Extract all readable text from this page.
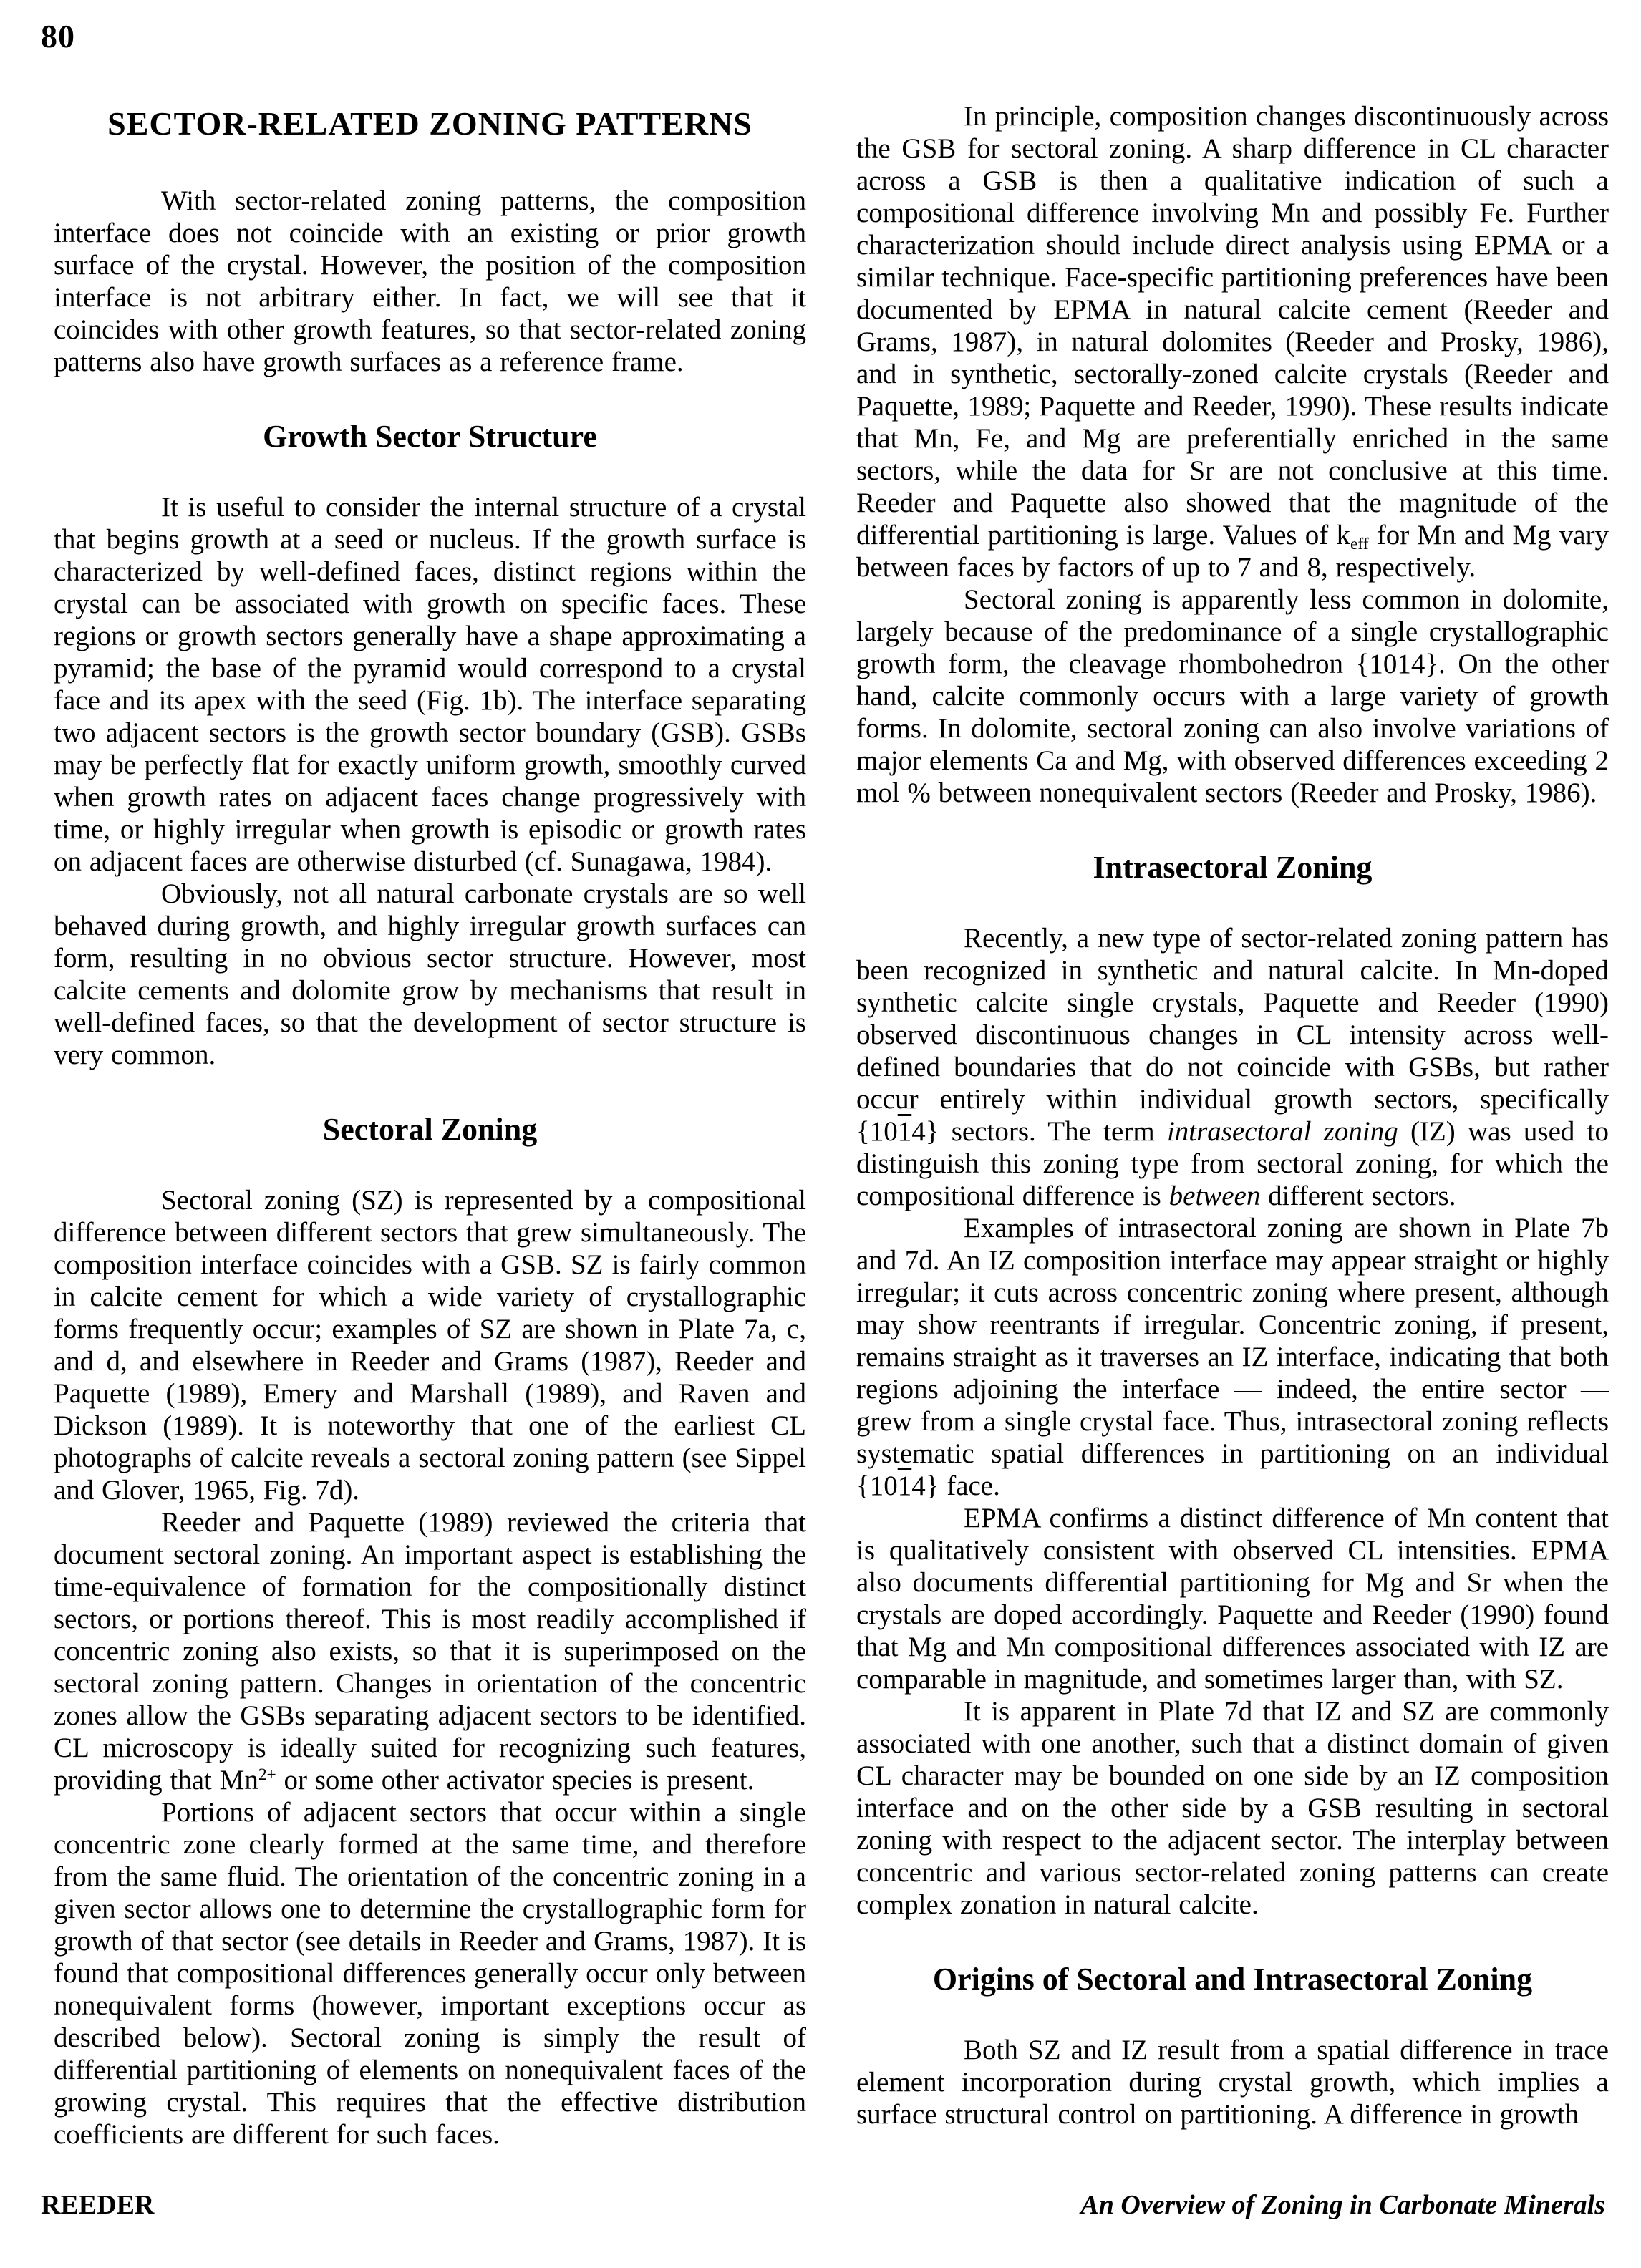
80
SECTOR-RELATED ZONING PATTERNS
With sector-related zoning patterns, the composition interface does not coincide with an existing or prior growth surface of the crystal. However, the position of the composition interface is not arbitrary either. In fact, we will see that it coincides with other growth features, so that sector-related zoning patterns also have growth surfaces as a reference frame.
Growth Sector Structure
It is useful to consider the internal structure of a crystal that begins growth at a seed or nucleus. If the growth surface is characterized by well-defined faces, distinct regions within the crystal can be associated with growth on specific faces. These regions or growth sectors generally have a shape approximating a pyramid; the base of the pyramid would correspond to a crystal face and its apex with the seed (Fig. 1b). The interface separating two adjacent sectors is the growth sector boundary (GSB). GSBs may be perfectly flat for exactly uniform growth, smoothly curved when growth rates on adjacent faces change progressively with time, or highly irregular when growth is episodic or growth rates on adjacent faces are otherwise disturbed (cf. Sunagawa, 1984).
Obviously, not all natural carbonate crystals are so well behaved during growth, and highly irregular growth surfaces can form, resulting in no obvious sector structure. However, most calcite cements and dolomite grow by mechanisms that result in well-defined faces, so that the development of sector structure is very common.
Sectoral Zoning
Sectoral zoning (SZ) is represented by a compositional difference between different sectors that grew simultaneously. The composition interface coincides with a GSB. SZ is fairly common in calcite cement for which a wide variety of crystallographic forms frequently occur; examples of SZ are shown in Plate 7a, c, and d, and elsewhere in Reeder and Grams (1987), Reeder and Paquette (1989), Emery and Marshall (1989), and Raven and Dickson (1989). It is noteworthy that one of the earliest CL photographs of calcite reveals a sectoral zoning pattern (see Sippel and Glover, 1965, Fig. 7d).
Reeder and Paquette (1989) reviewed the criteria that document sectoral zoning. An important aspect is establishing the time-equivalence of formation for the compositionally distinct sectors, or portions thereof. This is most readily accomplished if concentric zoning also exists, so that it is superimposed on the sectoral zoning pattern. Changes in orientation of the concentric zones allow the GSBs separating adjacent sectors to be identified. CL microscopy is ideally suited for recognizing such features, providing that $Mn^{2+}$ or some other activator species is present.
Portions of adjacent sectors that occur within a single concentric zone clearly formed at the same time, and therefore from the same fluid. The orientation of the concentric zoning in a given sector allows one to determine the crystallographic form for growth of that sector (see details in Reeder and Grams, 1987). It is found that compositional differences generally occur only between nonequivalent forms (however, important exceptions occur as described below). Sectoral zoning is simply the result of differential partitioning of elements on nonequivalent faces of the growing crystal. This requires that the effective distribution coefficients are different for such faces.
In principle, composition changes discontinuously across the GSB for sectoral zoning. A sharp difference in CL character across a GSB is then a qualitative indication of such a compositional difference involving Mn and possibly Fe. Further characterization should include direct analysis using EPMA or a similar technique. Face-specific partitioning preferences have been documented by EPMA in natural calcite cement (Reeder and Grams, 1987), in natural dolomites (Reeder and Prosky, 1986), and in synthetic, sectorally-zoned calcite crystals (Reeder and Paquette, 1989; Paquette and Reeder, 1990). These results indicate that Mn, Fe, and Mg are preferentially enriched in the same sectors, while the data for Sr are not conclusive at this time. Reeder and Paquette also showed that the magnitude of the differential partitioning is large. Values of keff for Mn and Mg vary between faces by factors of up to 7 and 8, respectively.
Sectoral zoning is apparently less common in dolomite, largely because of the predominance of a single crystallographic growth form, the cleavage rhombohedron {1014}. On the other hand, calcite commonly occurs with a large variety of growth forms. In dolomite, sectoral zoning can also involve variations of major elements Ca and Mg, with observed differences exceeding 2 mol % between nonequivalent sectors (Reeder and Prosky, 1986).
Intrasectoral Zoning
Recently, a new type of sector-related zoning pattern has been recognized in synthetic and natural calcite. In Mn-doped synthetic calcite single crystals, Paquette and Reeder (1990) observed discontinuous changes in CL intensity across well-defined boundaries that do not coincide with GSBs, but rather occur entirely within individual growth sectors, specifically {1014} sectors. The term intrasectoral zoning (IZ) was used to distinguish this zoning type from sectoral zoning, for which the compositional difference is between different sectors.
Examples of intrasectoral zoning are shown in Plate 7b and 7d. An IZ composition interface may appear straight or highly irregular; it cuts across concentric zoning where present, although may show reentrants if irregular. Concentric zoning, if present, remains straight as it traverses an IZ interface, indicating that both regions adjoining the interface — indeed, the entire sector — grew from a single crystal face. Thus, intrasectoral zoning reflects systematic spatial differences in partitioning on an individual {1014} face.
EPMA confirms a distinct difference of Mn content that is qualitatively consistent with observed CL intensities. EPMA also documents differential partitioning for Mg and Sr when the crystals are doped accordingly. Paquette and Reeder (1990) found that Mg and Mn compositional differences associated with IZ are comparable in magnitude, and sometimes larger than, with SZ.
It is apparent in Plate 7d that IZ and SZ are commonly associated with one another, such that a distinct domain of given CL character may be bounded on one side by an IZ composition interface and on the other side by a GSB resulting in sectoral zoning with respect to the adjacent sector. The interplay between concentric and various sector-related zoning patterns can create complex zonation in natural calcite.
Origins of Sectoral and Intrasectoral Zoning
Both SZ and IZ result from a spatial difference in trace element incorporation during crystal growth, which implies a surface structural control on partitioning. A difference in growth
REEDER	An Overview of Zoning in Carbonate Minerals
